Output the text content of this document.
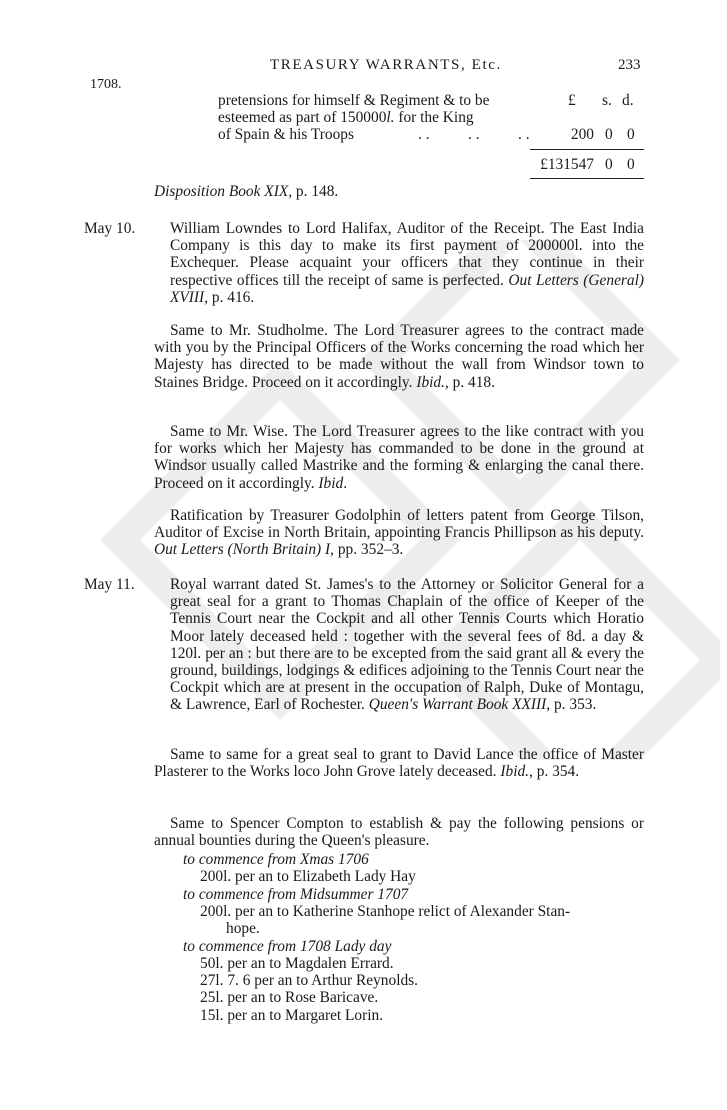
TREASURY WARRANTS, Etc.	233
1708.
pretensions for himself & Regiment & to be
esteemed as part of 150000l. for the King
of Spain & his Troops	. .          . .          . .
£ s. d.
200 0 0
£131547 0 0
Disposition Book XIX, p. 148.
May 10. William Lowndes to Lord Halifax, Auditor of the Receipt. The East India Company is this day to make its first payment of 200000l. into the Exchequer. Please acquaint your officers that they continue in their respective offices till the receipt of same is perfected. Out Letters (General) XVIII, p. 416.
Same to Mr. Studholme. The Lord Treasurer agrees to the contract made with you by the Principal Officers of the Works concerning the road which her Majesty has directed to be made without the wall from Windsor town to Staines Bridge. Proceed on it accordingly. Ibid., p. 418.
Same to Mr. Wise. The Lord Treasurer agrees to the like contract with you for works which her Majesty has commanded to be done in the ground at Windsor usually called Mastrike and the forming & enlarging the canal there. Proceed on it accordingly. Ibid.
Ratification by Treasurer Godolphin of letters patent from George Tilson, Auditor of Excise in North Britain, appointing Francis Phillipson as his deputy. Out Letters (North Britain) I, pp. 352–3.
May 11. Royal warrant dated St. James's to the Attorney or Solicitor General for a great seal for a grant to Thomas Chaplain of the office of Keeper of the Tennis Court near the Cockpit and all other Tennis Courts which Horatio Moor lately deceased held : together with the several fees of 8d. a day & 120l. per an : but there are to be excepted from the said grant all & every the ground, buildings, lodgings & edifices adjoining to the Tennis Court near the Cockpit which are at present in the occupation of Ralph, Duke of Montagu, & Lawrence, Earl of Rochester. Queen's Warrant Book XXIII, p. 353.
Same to same for a great seal to grant to David Lance the office of Master Plasterer to the Works loco John Grove lately deceased. Ibid., p. 354.
Same to Spencer Compton to establish & pay the following pensions or annual bounties during the Queen's pleasure.
to commence from Xmas 1706
200l. per an to Elizabeth Lady Hay
to commence from Midsummer 1707
200l. per an to Katherine Stanhope relict of Alexander Stan-
hope.
to commence from 1708 Lady day
50l. per an to Magdalen Errard.
27l. 7. 6 per an to Arthur Reynolds.
25l. per an to Rose Baricave.
15l. per an to Margaret Lorin.
